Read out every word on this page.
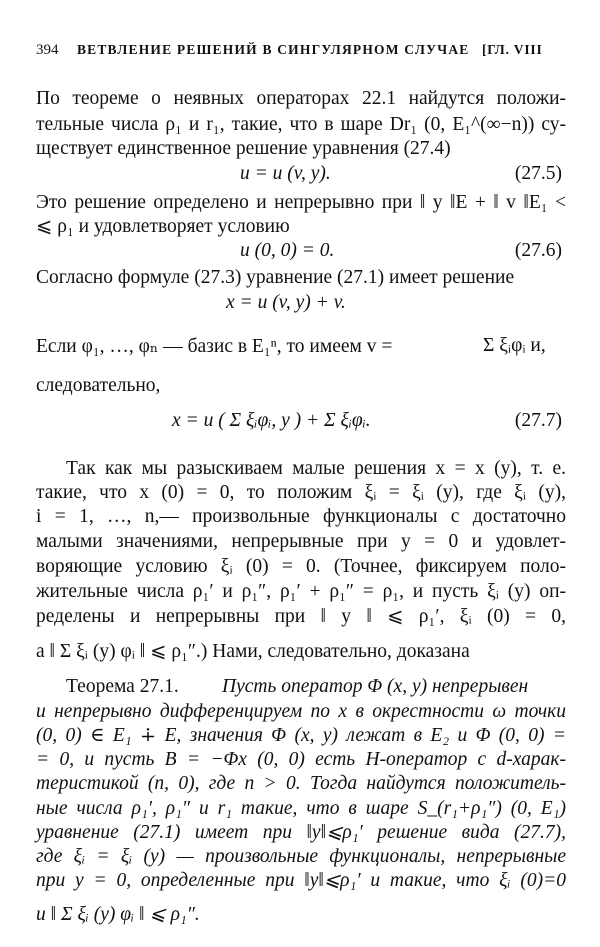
394 ВЕТВЛЕНИЕ РЕШЕНИЙ В СИНГУЛЯРНОМ СЛУЧАЕ [ГЛ. VIII
По теореме о неявных операторах 22.1 найдутся положи-
тельные числа ρ₁ и r₁, такие, что в шаре Dr₁ (0, E₁^(∞−n)) су-
ществует единственное решение уравнения (27.4)
u = u (v, y).	(27.5)
Это решение определено и непрерывно при ‖ y ‖E + ‖ v ‖E₁ <
⩽ ρ₁ и удовлетворяет условию
u (0, 0) = 0.	(27.6)
Согласно формуле (27.3) уравнение (27.1) имеет решение
x = u (v, y) + v.
Если φ₁, …, φₙ — базис в E₁ⁿ, то имеем v =	Σ ξᵢφᵢ и,
следовательно,
x = u ( Σ ξᵢφᵢ, y ) + Σ ξᵢφᵢ.	(27.7)
Так как мы разыскиваем малые решения x = x (y), т. е.
такие, что x (0) = 0, то положим ξᵢ = ξᵢ (y), где ξᵢ (y),
i = 1, …, n,— произвольные функционалы с достаточно
малыми значениями, непрерывные при y = 0 и удовлет-
воряющие условию ξᵢ (0) = 0. (Точнее, фиксируем поло-
жительные числа ρ₁′ и ρ₁″, ρ₁′ + ρ₁″ = ρ₁, и пусть ξᵢ (y) оп-
ределены и непрерывны при ‖ y ‖ ⩽ ρ₁′, ξᵢ (0) = 0,
а ‖ Σ ξᵢ (y) φᵢ ‖ ⩽ ρ₁″.) Нами, следовательно, доказана
Теорема 27.1.	Пусть оператор Φ (x, y) непрерывен
и непрерывно дифференцируем по x в окрестности ω точки
(0, 0) ∈ E₁ ∔ E, значения Φ (x, y) лежат в E₂ и Φ (0, 0) =
= 0, и пусть B = −Φx (0, 0) есть H-оператор с d-харак-
теристикой (n, 0), где n > 0. Тогда найдутся положитель-
ные числа ρ₁′, ρ₁″ и r₁ такие, что в шаре S_(r₁+ρ₁″) (0, E₁)
уравнение (27.1) имеет при ‖y‖⩽ρ₁′ решение вида (27.7),
где ξᵢ = ξᵢ (y) — произвольные функционалы, непрерывные
при y = 0, определенные при ‖y‖⩽ρ₁′ и такие, что ξᵢ (0)=0
и ‖ Σ ξᵢ (y) φᵢ ‖ ⩽ ρ₁″.
